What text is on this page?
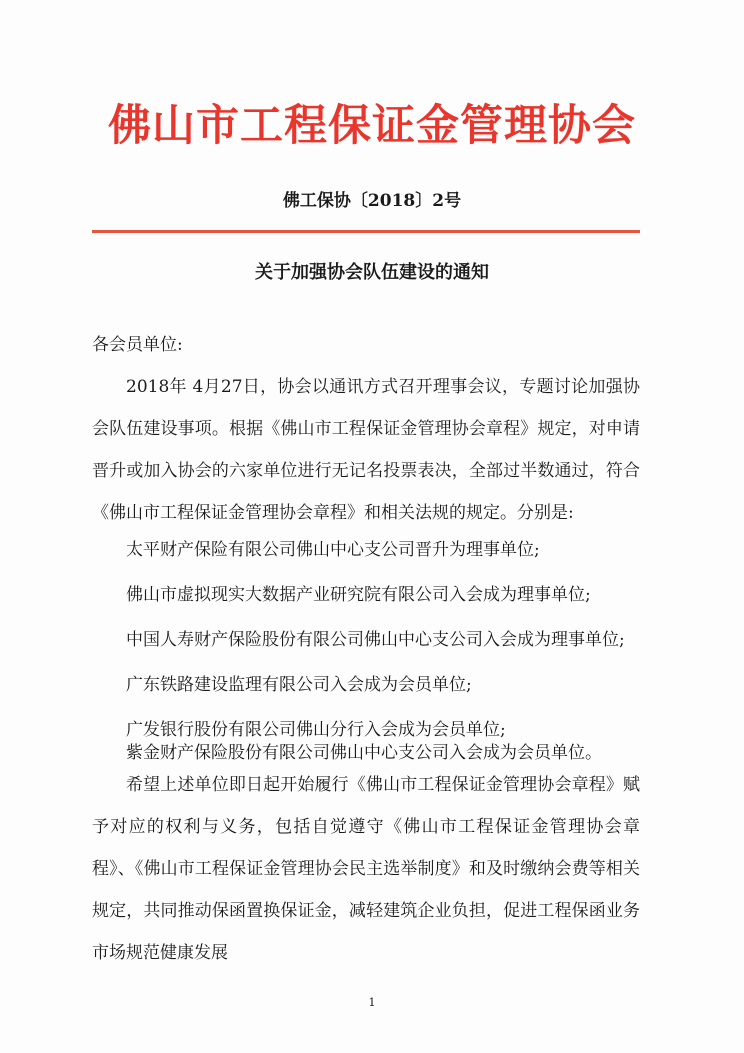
佛山市工程保证金管理协会
佛工保协〔2018〕2号
关于加强协会队伍建设的通知
各会员单位:
2018年 4月27日，协会以通讯方式召开理事会议，专题讨论加强协会队伍建设事项。根据《佛山市工程保证金管理协会章程》规定，对申请晋升或加入协会的六家单位进行无记名投票表决，全部过半数通过，符合《佛山市工程保证金管理协会章程》和相关法规的规定。分别是:
太平财产保险有限公司佛山中心支公司晋升为理事单位;
佛山市虚拟现实大数据产业研究院有限公司入会成为理事单位;
中国人寿财产保险股份有限公司佛山中心支公司入会成为理事单位;
广东铁路建设监理有限公司入会成为会员单位;
广发银行股份有限公司佛山分行入会成为会员单位;
希望上述单位即日起开始履行《佛山市工程保证金管理协会章程》赋予对应的权利与义务，包括自觉遵守《佛山市工程保证金管理协会章程》、《佛山市工程保证金管理协会民主选举制度》和及时缴纳会费等相关规定，共同推动保函置换保证金，减轻建筑企业负担，促进工程保函业务市场规范健康发展
1
紫金财产保险股份有限公司佛山中心支公司入会成为会员单位。
